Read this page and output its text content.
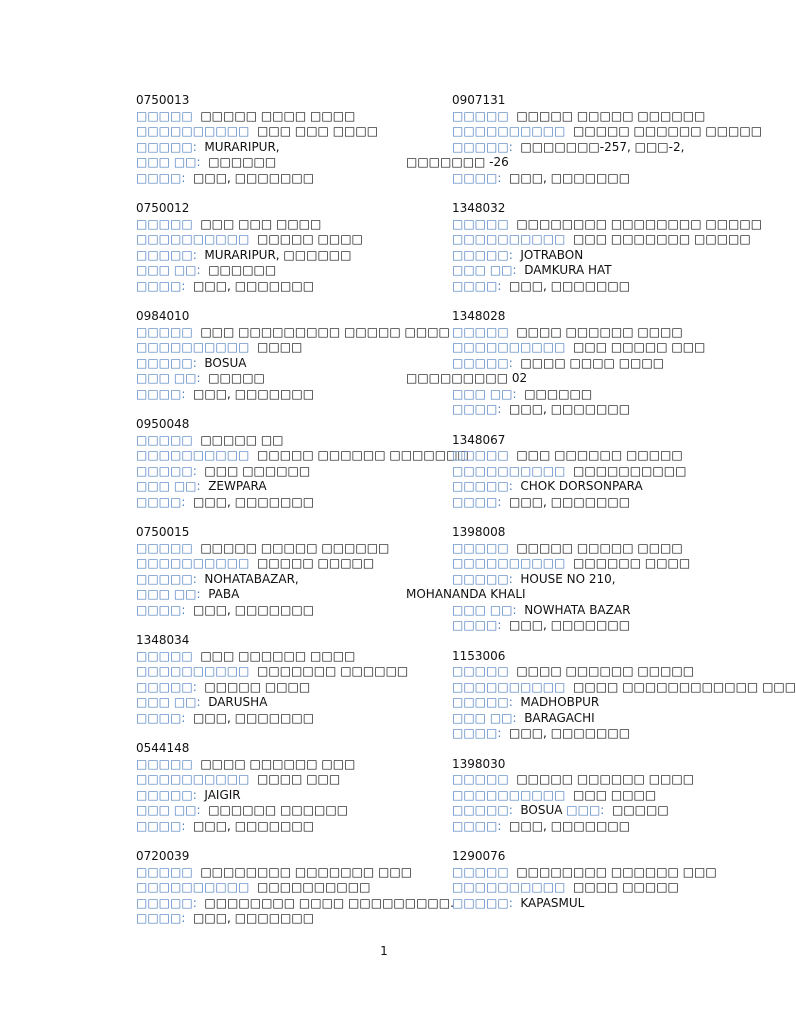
0750013
□□□□□ □□□□□ □□□□ □□□□
□□□□□□□□□□ □□□ □□□ □□□□
□□□□□: MURARIPUR,
□□□ □□: □□□□□□
□□□□: □□□, □□□□□□□
0750012
□□□□□ □□□ □□□ □□□□
□□□□□□□□□□ □□□□□ □□□□
□□□□□: MURARIPUR, □□□□□□
□□□ □□: □□□□□□
□□□□: □□□, □□□□□□□
0984010
□□□□□ □□□ □□□□□□□□□ □□□□□ □□□□
□□□□□□□□□□ □□□□
□□□□□: BOSUA
□□□ □□: □□□□□
□□□□: □□□, □□□□□□□
0950048
□□□□□ □□□□□ □□
□□□□□□□□□□ □□□□□ □□□□□□ □□□□□□□
□□□□□: □□□ □□□□□□
□□□ □□: ZEWPARA
□□□□: □□□, □□□□□□□
0750015
□□□□□ □□□□□ □□□□□ □□□□□□
□□□□□□□□□□ □□□□□ □□□□□
□□□□□: NOHATABAZAR,
□□□ □□: PABA
□□□□: □□□, □□□□□□□
1348034
□□□□□ □□□ □□□□□□ □□□□
□□□□□□□□□□ □□□□□□□ □□□□□□
□□□□□: □□□□□ □□□□
□□□ □□: DARUSHA
□□□□: □□□, □□□□□□□
0544148
□□□□□ □□□□ □□□□□□ □□□
□□□□□□□□□□ □□□□ □□□
□□□□□: JAIGIR
□□□ □□: □□□□□□ □□□□□□
□□□□: □□□, □□□□□□□
0720039
□□□□□ □□□□□□□□ □□□□□□□ □□□
□□□□□□□□□□ □□□□□□□□□□
□□□□□: □□□□□□□□ □□□□ □□□□□□□□□.
□□□□: □□□, □□□□□□□
0907131
□□□□□ □□□□□ □□□□□ □□□□□□
□□□□□□□□□□ □□□□□ □□□□□□ □□□□□
□□□□□: □□□□□□□-257, □□□-2,
□□□□□□□ -26
□□□□: □□□, □□□□□□□
1348032
□□□□□ □□□□□□□□ □□□□□□□□ □□□□□
□□□□□□□□□□ □□□ □□□□□□□ □□□□□
□□□□□: JOTRABON
□□□ □□: DAMKURA HAT
□□□□: □□□, □□□□□□□
1348028
□□□□□ □□□□ □□□□□□ □□□□
□□□□□□□□□□ □□□ □□□□□ □□□
□□□□□: □□□□ □□□□ □□□□
□□□□□□□□□ 02
□□□ □□: □□□□□□
□□□□: □□□, □□□□□□□
1348067
□□□□□ □□□ □□□□□□ □□□□□
□□□□□□□□□□ □□□□□□□□□□
□□□□□: CHOK DORSONPARA
□□□□: □□□, □□□□□□□
1398008
□□□□□ □□□□□ □□□□□ □□□□
□□□□□□□□□□ □□□□□□ □□□□
□□□□□: HOUSE NO 210,
MOHANANDA KHALI
□□□ □□: NOWHATA BAZAR
□□□□: □□□, □□□□□□□
1153006
□□□□□ □□□□ □□□□□□ □□□□□
□□□□□□□□□□ □□□□ □□□□□□□□□□□□ □□□
□□□□□: MADHOBPUR
□□□ □□: BARAGACHI
□□□□: □□□, □□□□□□□
1398030
□□□□□ □□□□□ □□□□□□ □□□□
□□□□□□□□□□ □□□ □□□□
□□□□□: BOSUA □□□: □□□□□
□□□□: □□□, □□□□□□□
1290076
□□□□□ □□□□□□□□ □□□□□□ □□□
□□□□□□□□□□ □□□□ □□□□□
□□□□□: KAPASMUL
1
